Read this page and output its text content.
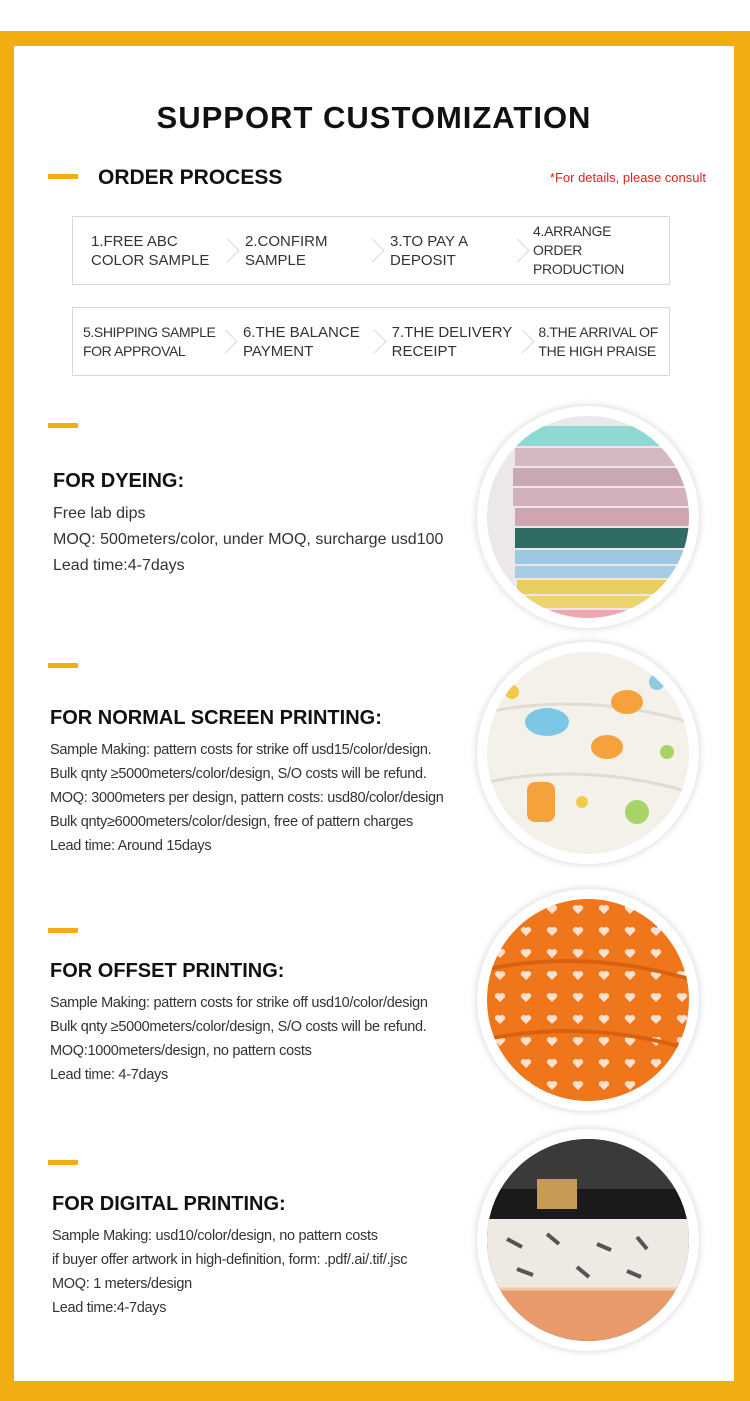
SUPPORT CUSTOMIZATION
ORDER PROCESS	*For details, please consult
1.FREE ABC COLOR SAMPLE
2.CONFIRM SAMPLE
3.TO PAY A DEPOSIT
4.ARRANGE ORDER PRODUCTION
5.SHIPPING SAMPLE FOR APPROVAL
6.THE BALANCE PAYMENT
7.THE DELIVERY RECEIPT
8.THE ARRIVAL OF THE HIGH PRAISE
FOR DYEING:
Free lab dips
MOQ: 500meters/color, under MOQ, surcharge usd100
Lead time:4-7days
FOR NORMAL SCREEN PRINTING:
Sample Making: pattern costs for strike off usd15/color/design.
Bulk qnty ≥5000meters/color/design, S/O costs will be refund.
MOQ: 3000meters per design, pattern costs: usd80/color/design
Bulk qnty≥6000meters/color/design, free of pattern charges
Lead time: Around 15days
FOR OFFSET PRINTING:
Sample Making: pattern costs for strike off usd10/color/design
Bulk qnty ≥5000meters/color/design, S/O costs will be refund.
MOQ:1000meters/design, no pattern costs
Lead time: 4-7days
FOR DIGITAL PRINTING:
Sample Making: usd10/color/design, no pattern costs
if buyer offer artwork in high-definition, form: .pdf/.ai/.tif/.jsc
MOQ: 1 meters/design
Lead time:4-7days
